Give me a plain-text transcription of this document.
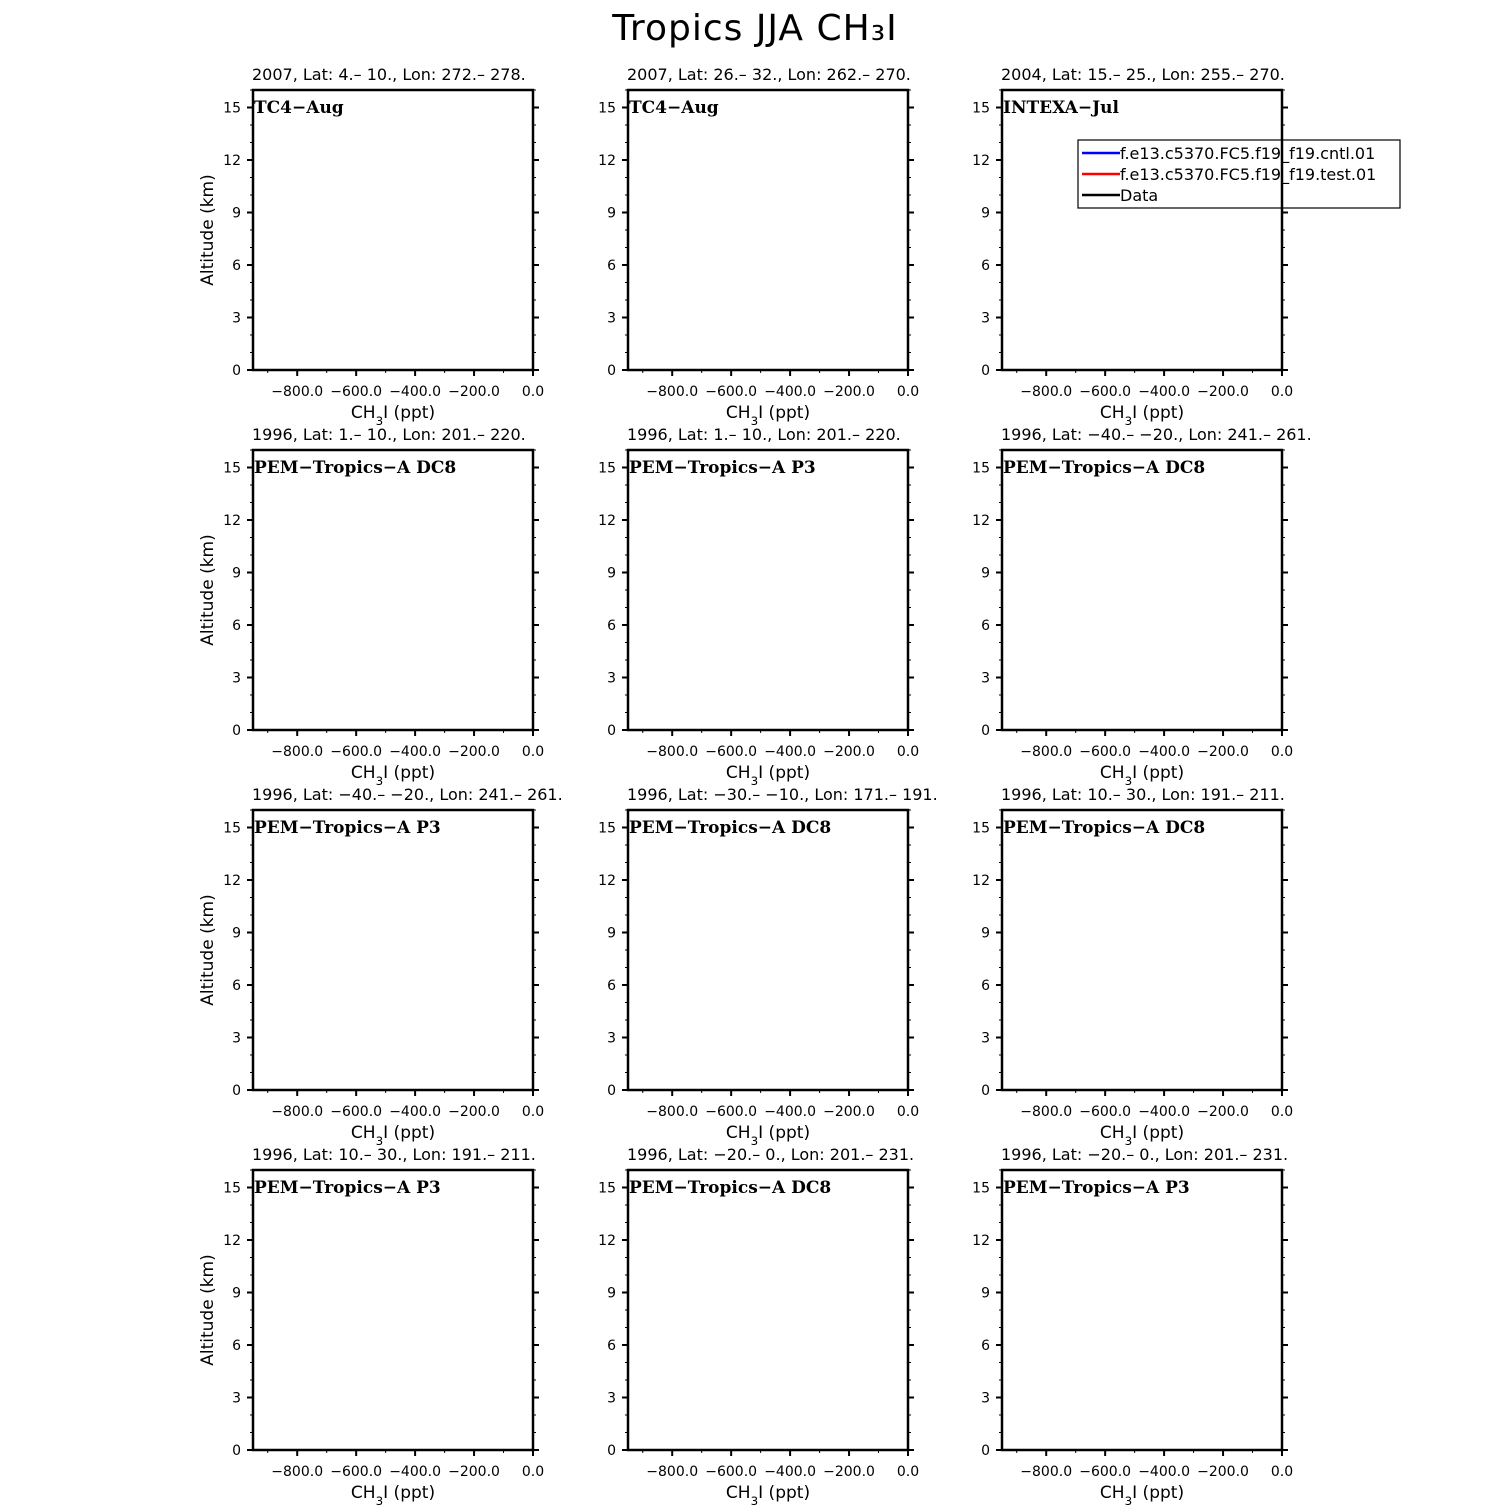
Tropics JJA CH₃I
2007, Lat: 4.– 10., Lon: 272.– 278.
TC4−Aug
0
3
6
9
12
15
−800.0 −600.0 −400.0 −200.0 0.0
$CH_3I$ (ppt)
Altitude (km)
2007, Lat: 26.– 32., Lon: 262.– 270.
TC4−Aug
0
3
6
9
12
15
−800.0 −600.0 −400.0 −200.0 0.0
$CH_3I$ (ppt)
2004, Lat: 15.– 25., Lon: 255.– 270.
INTEXA−Jul
0
3
6
9
12
15
−800.0 −600.0 −400.0 −200.0 0.0
$CH_3I$ (ppt)
f.e13.c5370.FC5.f19_f19.cntl.01
f.e13.c5370.FC5.f19_f19.test.01
Data
1996, Lat: 1.– 10., Lon: 201.– 220.
PEM−Tropics−A DC8
0
3
6
9
12
15
−800.0 −600.0 −400.0 −200.0 0.0
$CH_3I$ (ppt)
Altitude (km)
1996, Lat: 1.– 10., Lon: 201.– 220.
PEM−Tropics−A P3
0
3
6
9
12
15
−800.0 −600.0 −400.0 −200.0 0.0
$CH_3I$ (ppt)
1996, Lat: −40.– −20., Lon: 241.– 261.
PEM−Tropics−A DC8
0
3
6
9
12
15
−800.0 −600.0 −400.0 −200.0 0.0
$CH_3I$ (ppt)
1996, Lat: −40.– −20., Lon: 241.– 261.
PEM−Tropics−A P3
0
3
6
9
12
15
−800.0 −600.0 −400.0 −200.0 0.0
$CH_3I$ (ppt)
Altitude (km)
1996, Lat: −30.– −10., Lon: 171.– 191.
PEM−Tropics−A DC8
0
3
6
9
12
15
−800.0 −600.0 −400.0 −200.0 0.0
$CH_3I$ (ppt)
1996, Lat: 10.– 30., Lon: 191.– 211.
PEM−Tropics−A DC8
0
3
6
9
12
15
−800.0 −600.0 −400.0 −200.0 0.0
$CH_3I$ (ppt)
1996, Lat: 10.– 30., Lon: 191.– 211.
PEM−Tropics−A P3
0
3
6
9
12
15
−800.0 −600.0 −400.0 −200.0 0.0
$CH_3I$ (ppt)
Altitude (km)
1996, Lat: −20.– 0., Lon: 201.– 231.
PEM−Tropics−A DC8
0
3
6
9
12
15
−800.0 −600.0 −400.0 −200.0 0.0
$CH_3I$ (ppt)
1996, Lat: −20.– 0., Lon: 201.– 231.
PEM−Tropics−A P3
0
3
6
9
12
15
−800.0 −600.0 −400.0 −200.0 0.0
$CH_3I$ (ppt)
